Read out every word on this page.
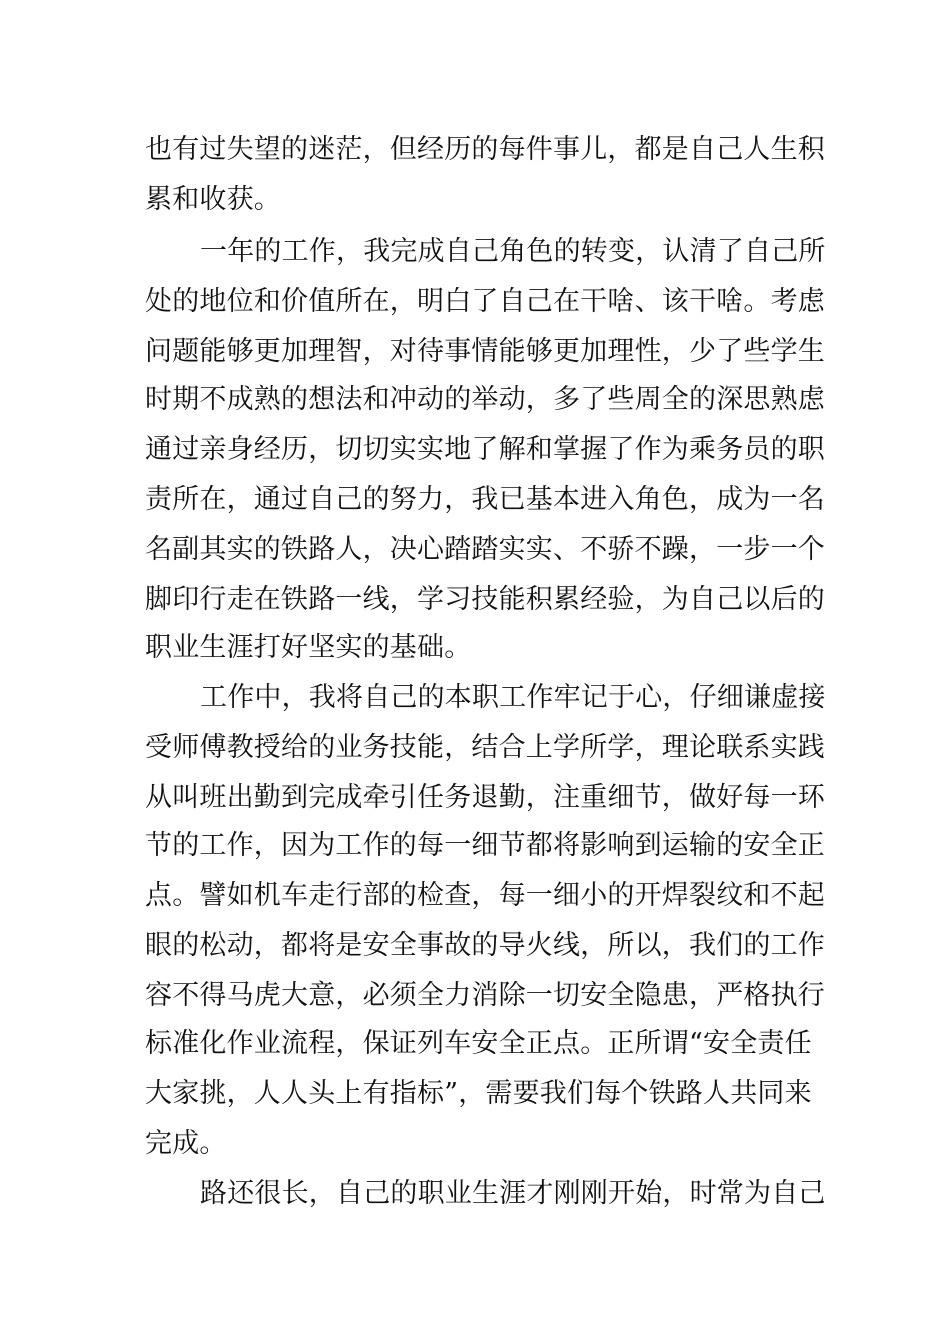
也有过失望的迷茫，但经历的每件事儿，都是自己人生积
累和收获。
一年的工作，我完成自己角色的转变，认清了自己所
处的地位和价值所在，明白了自己在干啥、该干啥。考虑
问题能够更加理智，对待事情能够更加理性，少了些学生
时期不成熟的想法和冲动的举动，多了些周全的深思熟虑
通过亲身经历，切切实实地了解和掌握了作为乘务员的职
责所在，通过自己的努力，我已基本进入角色，成为一名
名副其实的铁路人，决心踏踏实实、不骄不躁，一步一个
脚印行走在铁路一线，学习技能积累经验，为自己以后的
职业生涯打好坚实的基础。
工作中，我将自己的本职工作牢记于心，仔细谦虚接
受师傅教授给的业务技能，结合上学所学，理论联系实践
从叫班出勤到完成牵引任务退勤，注重细节，做好每一环
节的工作，因为工作的每一细节都将影响到运输的安全正
点。譬如机车走行部的检查，每一细小的开焊裂纹和不起
眼的松动，都将是安全事故的导火线，所以，我们的工作
容不得马虎大意，必须全力消除一切安全隐患，严格执行
标准化作业流程，保证列车安全正点。正所谓“安全责任
大家挑，人人头上有指标”，需要我们每个铁路人共同来
完成。
路还很长，自己的职业生涯才刚刚开始，时常为自己
